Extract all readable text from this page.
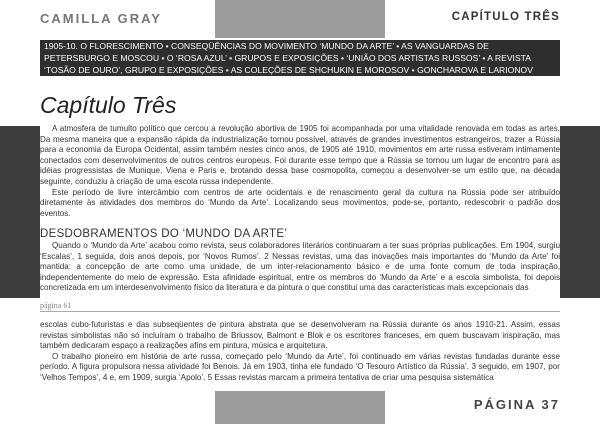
CAMILLA GRAY	CAPÍTULO TRÊS
1905-10. O FLORESCIMENTO • CONSEQÜÊNCIAS DO MOVIMENTO ‘MUNDO DA ARTE’ • AS VANGUARDAS DE PETERSBURGO E MOSCOU • O ‘ROSA AZUL’ • GRUPOS E EXPOSIÇÕES • ‘UNIÃO DOS ARTISTAS RUSSOS’ • A REVISTA ‘TOSÃO DE OURO’, GRUPO E EXPOSIÇÕES • AS COLEÇÕES DE SHCHUKIN E MOROSOV • GONCHAROVA E LARIONOV EMERGEM COMO LÍDERES DO MOVIMENTO PRIMITIVISTA-FUTURISTA
Capítulo Três

A atmosfera de tumulto político que cercou a revolução abortiva de 1905 foi acompanhada por uma vitalidade renovada em todas as artes. Da mesma maneira que a expansão rápida da industrialização tornou possível, através de grandes investimentos estrangeiros, trazer a Rússia para a economia da Europa Ocidental, assim também nestes cinco anos, de 1905 até 1910, movimentos em arte russa estiveram intimamente conectados com desenvolvimentos de outros centros europeus. Foi durante esse tempo que a Rússia se tornou um lugar de encontro para as idéias progressistas de Munique, Viena e Paris e, brotando dessa base cosmopolita, começou a desenvolver-se um estilo que, na década seguinte, conduziu à criação de uma escola russa independente.

Este período de livre intercâmbio com centros de arte ocidentais e de renascimento geral da cultura na Rússia pode ser atribuído diretamente às atividades dos membros do ‘Mundo da Arte’. Localizando seus movimentos, pode-se, portanto, redescobrir o padrão dos eventos.

DESDOBRAMENTOS DO ‘MUNDO DA ARTE’

Quando o ‘Mundo da Arte’ acabou como revista, seus colaboradores literários continuaram a ter suas próprias publicações. Em 1904, surgiu ‘Escalas’, 1 seguida, dois anos depois, por ‘Novos Rumos’. 2 Nessas revistas, uma das inovações mais importantes do ‘Mundo da Arte’ foi mantida: a concepção de arte como uma unidade, de um inter-relacionamento básico e de uma fonte comum de toda inspiração, independentemente do meio de expressão. Esta afinidade espiritual, entre os membros do ‘Mundo da Arte’ e a escola simbolista, foi depois concretizada em um interdesenvolvimento físico da literatura e da pintura o que constitui uma das características mais excepcionais das

página 61

escolas cubo-futuristas e das subseqüentes de pintura abstrata que se desenvolveram na Rússia durante os anos 1910-21. Assim, essas revistas simbolistas não só incluíram o trabalho de Briussov, Balmont e Blok e os escritores franceses, em quem buscavam inspiração, mas também dedicaram espaço a realizações afins em pintura, música e arquitetura.

O trabalho pioneiro em história de arte russa, começado pelo ‘Mundo da Arte’, foi continuado em várias revistas fundadas durante esse período. A figura propulsora nessa atividade foi Benois. Já em 1903, tinha ele fundado ‘O Tesouro Artístico da Rússia’, 3 seguido, em 1907, por ‘Velhos Tempos’, 4 e, em 1909, surgia ‘Apolo’. 5 Essas revistas marcam a primeira tentativa de criar uma pesquisa sistemática

PÁGINA 37
